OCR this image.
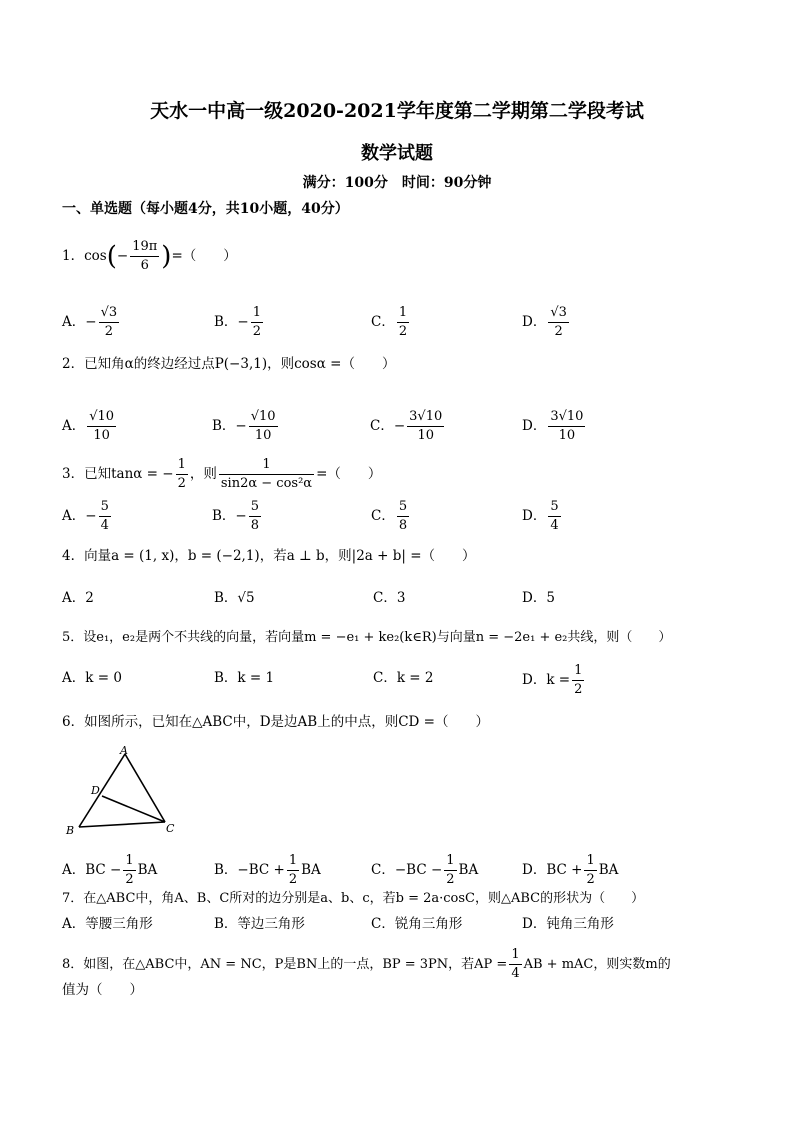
天水一中高一级2020-2021学年度第二学期第二学段考试
数学试题
满分：100分　时间：90分钟
一、单选题（每小题4分，共10小题，40分）
1．$\cos(- \frac{19\pi}{6}$ )=（　　）
A．− $\frac{√3}{2}$	B．− $\frac{1}{2}$	C． $\frac{1}{2}$	D． $\frac{√3}{2}$
2．已知角α的终边经过点P(−3,1)，则cosα =（　　）
A． $\frac{√10}{10}$	B．− $\frac{√10}{10}$	C．− $\frac{3√10}{10}$	D． $\frac{3√10}{10}$
3．已知tanα = − $\frac{1}{2}$ ，则 $\frac{1}{\text{sin2α − cos²α}}$ =（　　）
A．− $\frac{5}{4}$	B．− $\frac{5}{8}$	C． $\frac{5}{8}$	D． $\frac{5}{4}$
4．向量a = (1, x)，b = (−2,1)，若a ⊥ b，则|2a + b| =（　　）
A．2	B．√5	C．3	D．5
5．设e₁，e₂是两个不共线的向量，若向量m = −e₁ + ke₂(k∈R)与向量n = −2e₁ + e₂共线，则（　　）
A．k = 0	B．k = 1	C．k = 2	D．$k = \frac{1}{2}$
6．如图所示，已知在△ABC中，D是边AB上的中点，则CD =（　　）
A
B	C
D
A．BC − $\frac{1}{2}$ BA	B．$-BC + \frac{1}{2}$ BA	C．$-BC - \frac{1}{2}$ BA	D．BC + $\frac{1}{2}$ BA
7．在△ABC中，角A、B、C所对的边分别是a、b、c，若b = 2a·cosC，则△ABC的形状为（　　）
A．等腰三角形	B．等边三角形	C．锐角三角形	D．钝角三角形
8．如图，在△ABC中，AN = NC，P是BN上的一点，BP = 3PN，若AP = $\frac{1}{4}$ AB + mAC，则实数m的
值为（　　）
